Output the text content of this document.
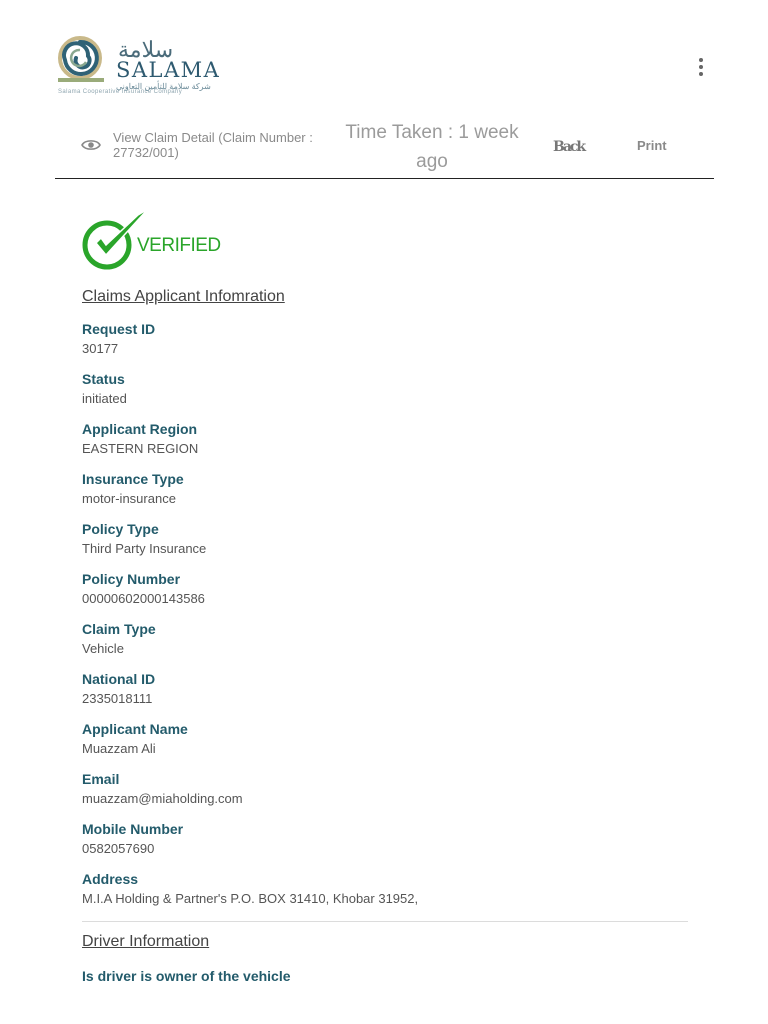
سلامة
SALAMA
شركة سلامة للتأمين التعاوني
Salama Cooperative Insurance Company
View Claim Detail (Claim Number : 27732/001)
Time Taken : 1 week ago
Back	Print
VERIFIED
Claims Applicant Infomration
Request ID
30177
Status
initiated
Applicant Region
EASTERN REGION
Insurance Type
motor-insurance
Policy Type
Third Party Insurance
Policy Number
00000602000143586
Claim Type
Vehicle
National ID
2335018111
Applicant Name
Muazzam Ali
Email
muazzam@miaholding.com
Mobile Number
0582057690
Address
M.I.A Holding & Partner's P.O. BOX 31410, Khobar 31952,
Driver Information
Is driver is owner of the vehicle
